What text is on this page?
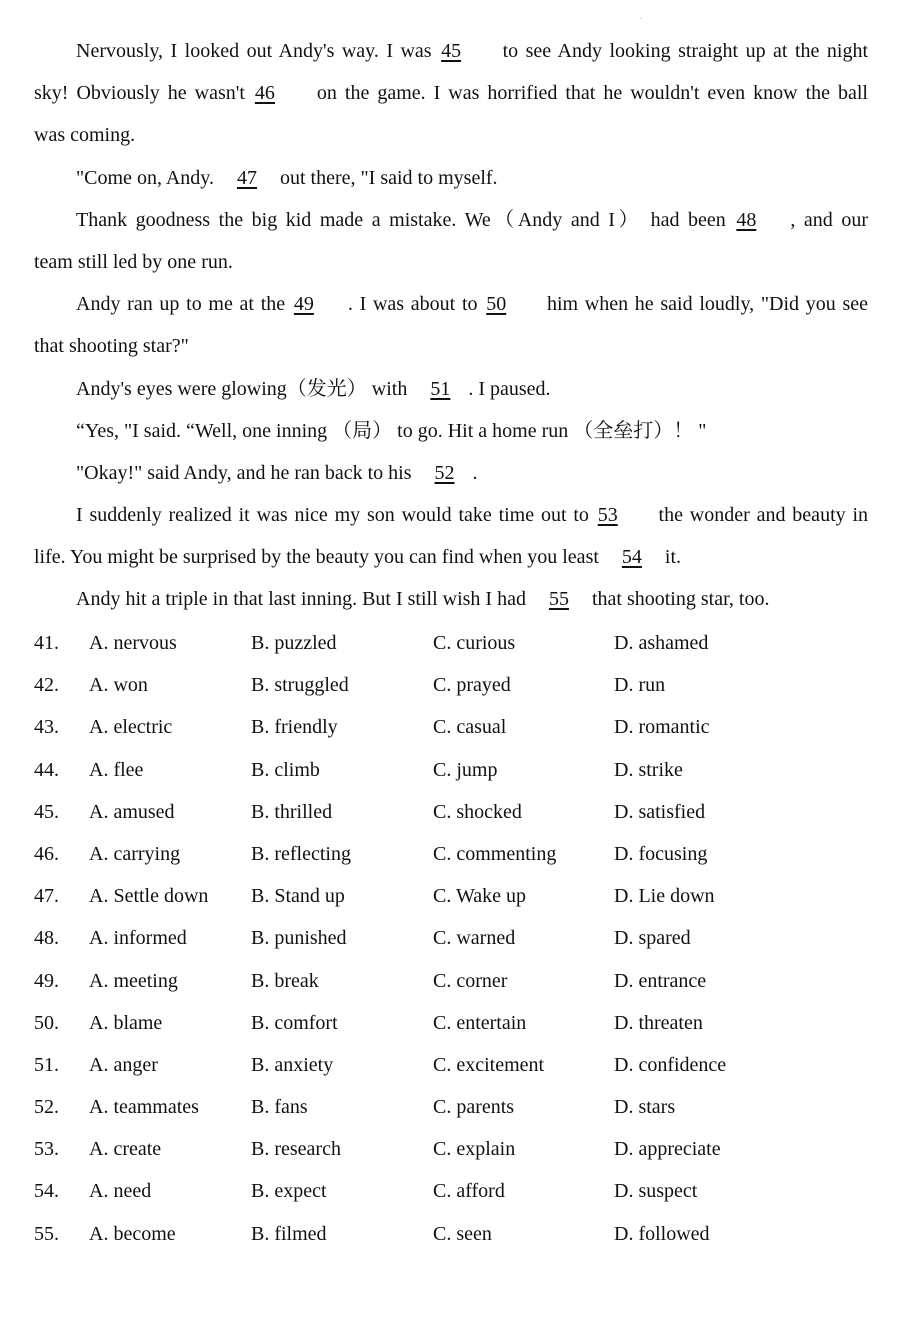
.
Nervously, I looked out Andy's way. I was 45 to see Andy looking straight up at the night
sky! Obviously he wasn't 46 on the game. I was horrified that he wouldn't even know the ball
was coming.
"Come on, Andy. 47 out there, "I said to myself.
Thank goodness the big kid made a mistake. We（Andy and I） had been 48 , and our
team still led by one run.
Andy ran up to me at the 49 . I was about to 50 him when he said loudly, "Did you see
that shooting star?"
Andy's eyes were glowing（发光） with 51 . I paused.
“Yes, "I said. “Well, one inning （局） to go. Hit a home run （全垒打）！ "
"Okay!" said Andy, and he ran back to his 52 .
I suddenly realized it was nice my son would take time out to 53 the wonder and beauty in
life. You might be surprised by the beauty you can find when you least 54 it.
Andy hit a triple in that last inning. But I still wish I had 55 that shooting star, too.
41. A. nervous	B. puzzled	C. curious	D. ashamed
42. A. won	B. struggled	C. prayed	D. run
43. A. electric	B. friendly	C. casual	D. romantic
44. A. flee	B. climb	C. jump	D. strike
45. A. amused	B. thrilled	C. shocked	D. satisfied
46. A. carrying	B. reflecting	C. commenting	D. focusing
47. A. Settle down B. Stand up	C. Wake up	D. Lie down
48. A. informed	B. punished	C. warned	D. spared
49. A. meeting	B. break	C. corner	D. entrance
50. A. blame	B. comfort	C. entertain	D. threaten
51. A. anger	B. anxiety	C. excitement	D. confidence
52. A. teammates	B. fans	C. parents	D. stars
53. A. create	B. research	C. explain	D. appreciate
54. A. need	B. expect	C. afford	D. suspect
55. A. become	B. filmed	C. seen	D. followed
